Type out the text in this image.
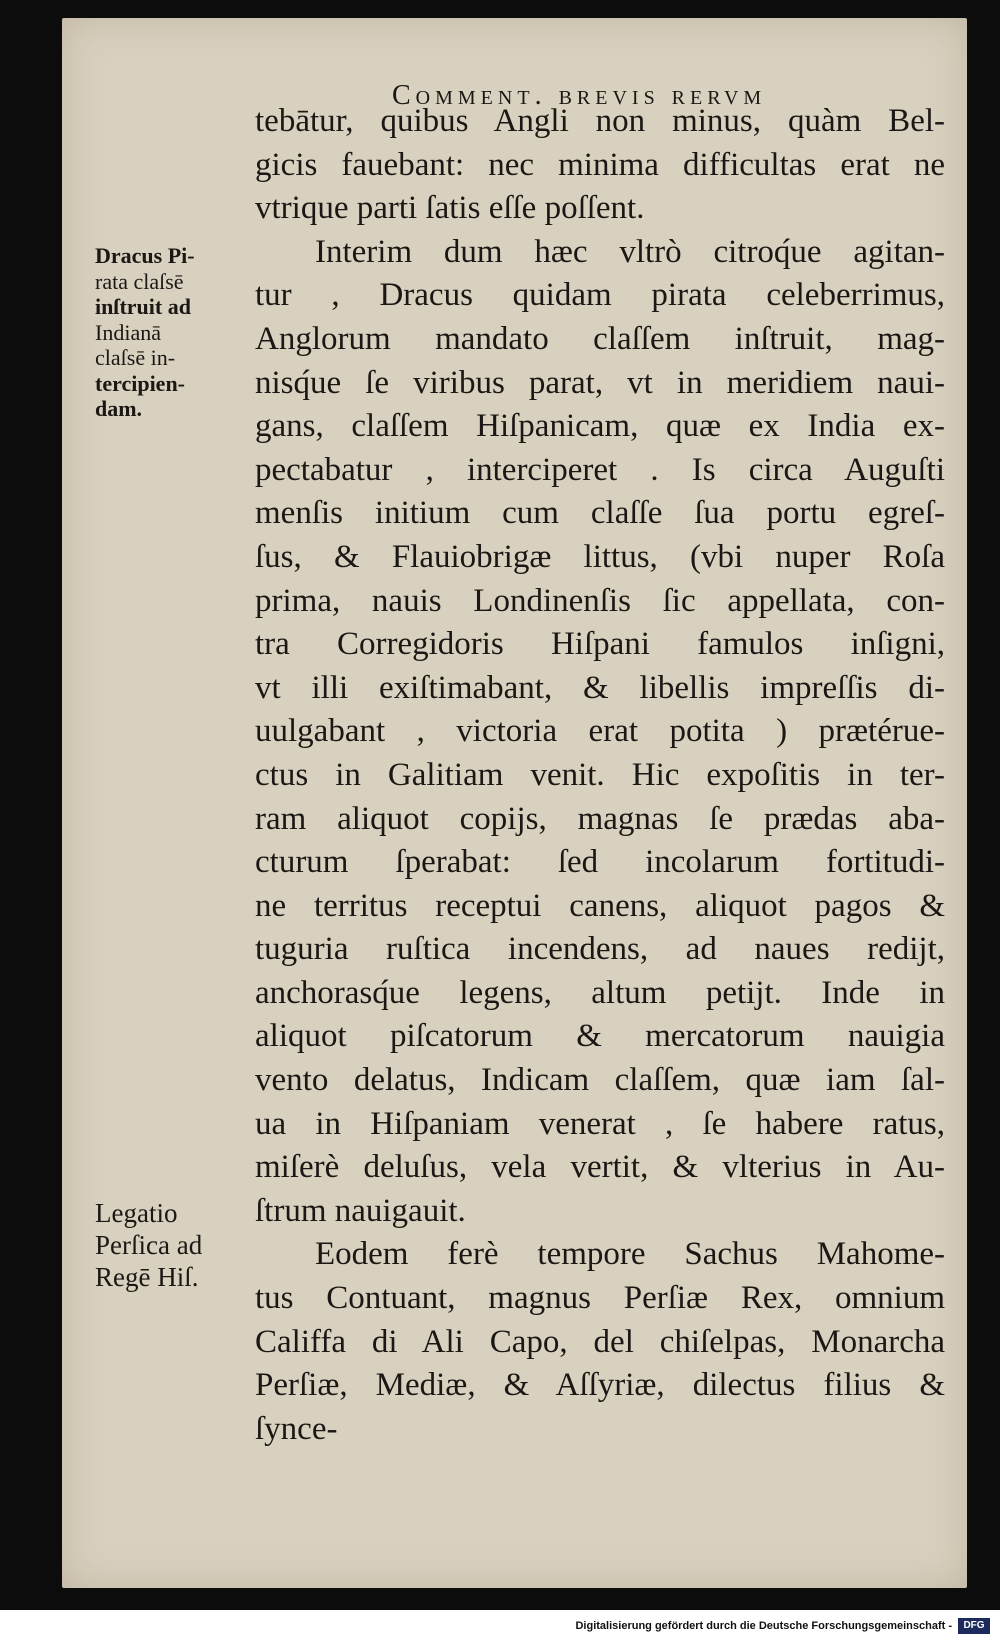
Comment. brevis rervm
tebātur, quibus Angli non minus, quàm Bel-
gicis fauebant: nec minima difficultas erat ne
vtrique parti ſatis eſſe poſſent.
Interim dum hæc vltrò citroq́ue agitan-
tur , Dracus quidam pirata celeberrimus,
Anglorum mandato claſſem inſtruit, mag-
nisq́ue ſe viribus parat, vt in meridiem naui-
gans, claſſem Hiſpanicam, quæ ex India ex-
pectabatur , interciperet . Is circa Auguſti
menſis initium cum claſſe ſua portu egreſ-
ſus, & Flauiobrigæ littus, (vbi nuper Roſa
prima, nauis Londinenſis ſic appellata, con-
tra Corregidoris Hiſpani famulos inſigni,
vt illi exiſtimabant, & libellis impreſſis di-
uulgabant , victoria erat potita ) prætérue-
ctus in Galitiam venit. Hic expoſitis in ter-
ram aliquot copijs, magnas ſe prædas aba-
cturum ſperabat: ſed incolarum fortitudi-
ne territus receptui canens, aliquot pagos &
tuguria ruſtica incendens, ad naues redijt,
anchorasq́ue legens, altum petijt. Inde in
aliquot piſcatorum & mercatorum nauigia
vento delatus, Indicam claſſem, quæ iam ſal-
ua in Hiſpaniam venerat , ſe habere ratus,
miſerè deluſus, vela vertit, & vlterius in Au-
ſtrum nauigauit.
Eodem ferè tempore Sachus Mahome-
tus Contuant, magnus Perſiæ Rex, omnium
Califfa di Ali Capo, del chiſelpas, Monarcha
Perſiæ, Mediæ, & Aſſyriæ, dilectus filius &
ſynce-
Dracus Pi-
rata claſsē
inſtruit ad
Indianā
claſsē in-
tercipien-
dam.
Legatio
Perſica ad
Regē Hiſ.
Digitalisierung gefördert durch die Deutsche Forschungsgemeinschaft -	DFG
